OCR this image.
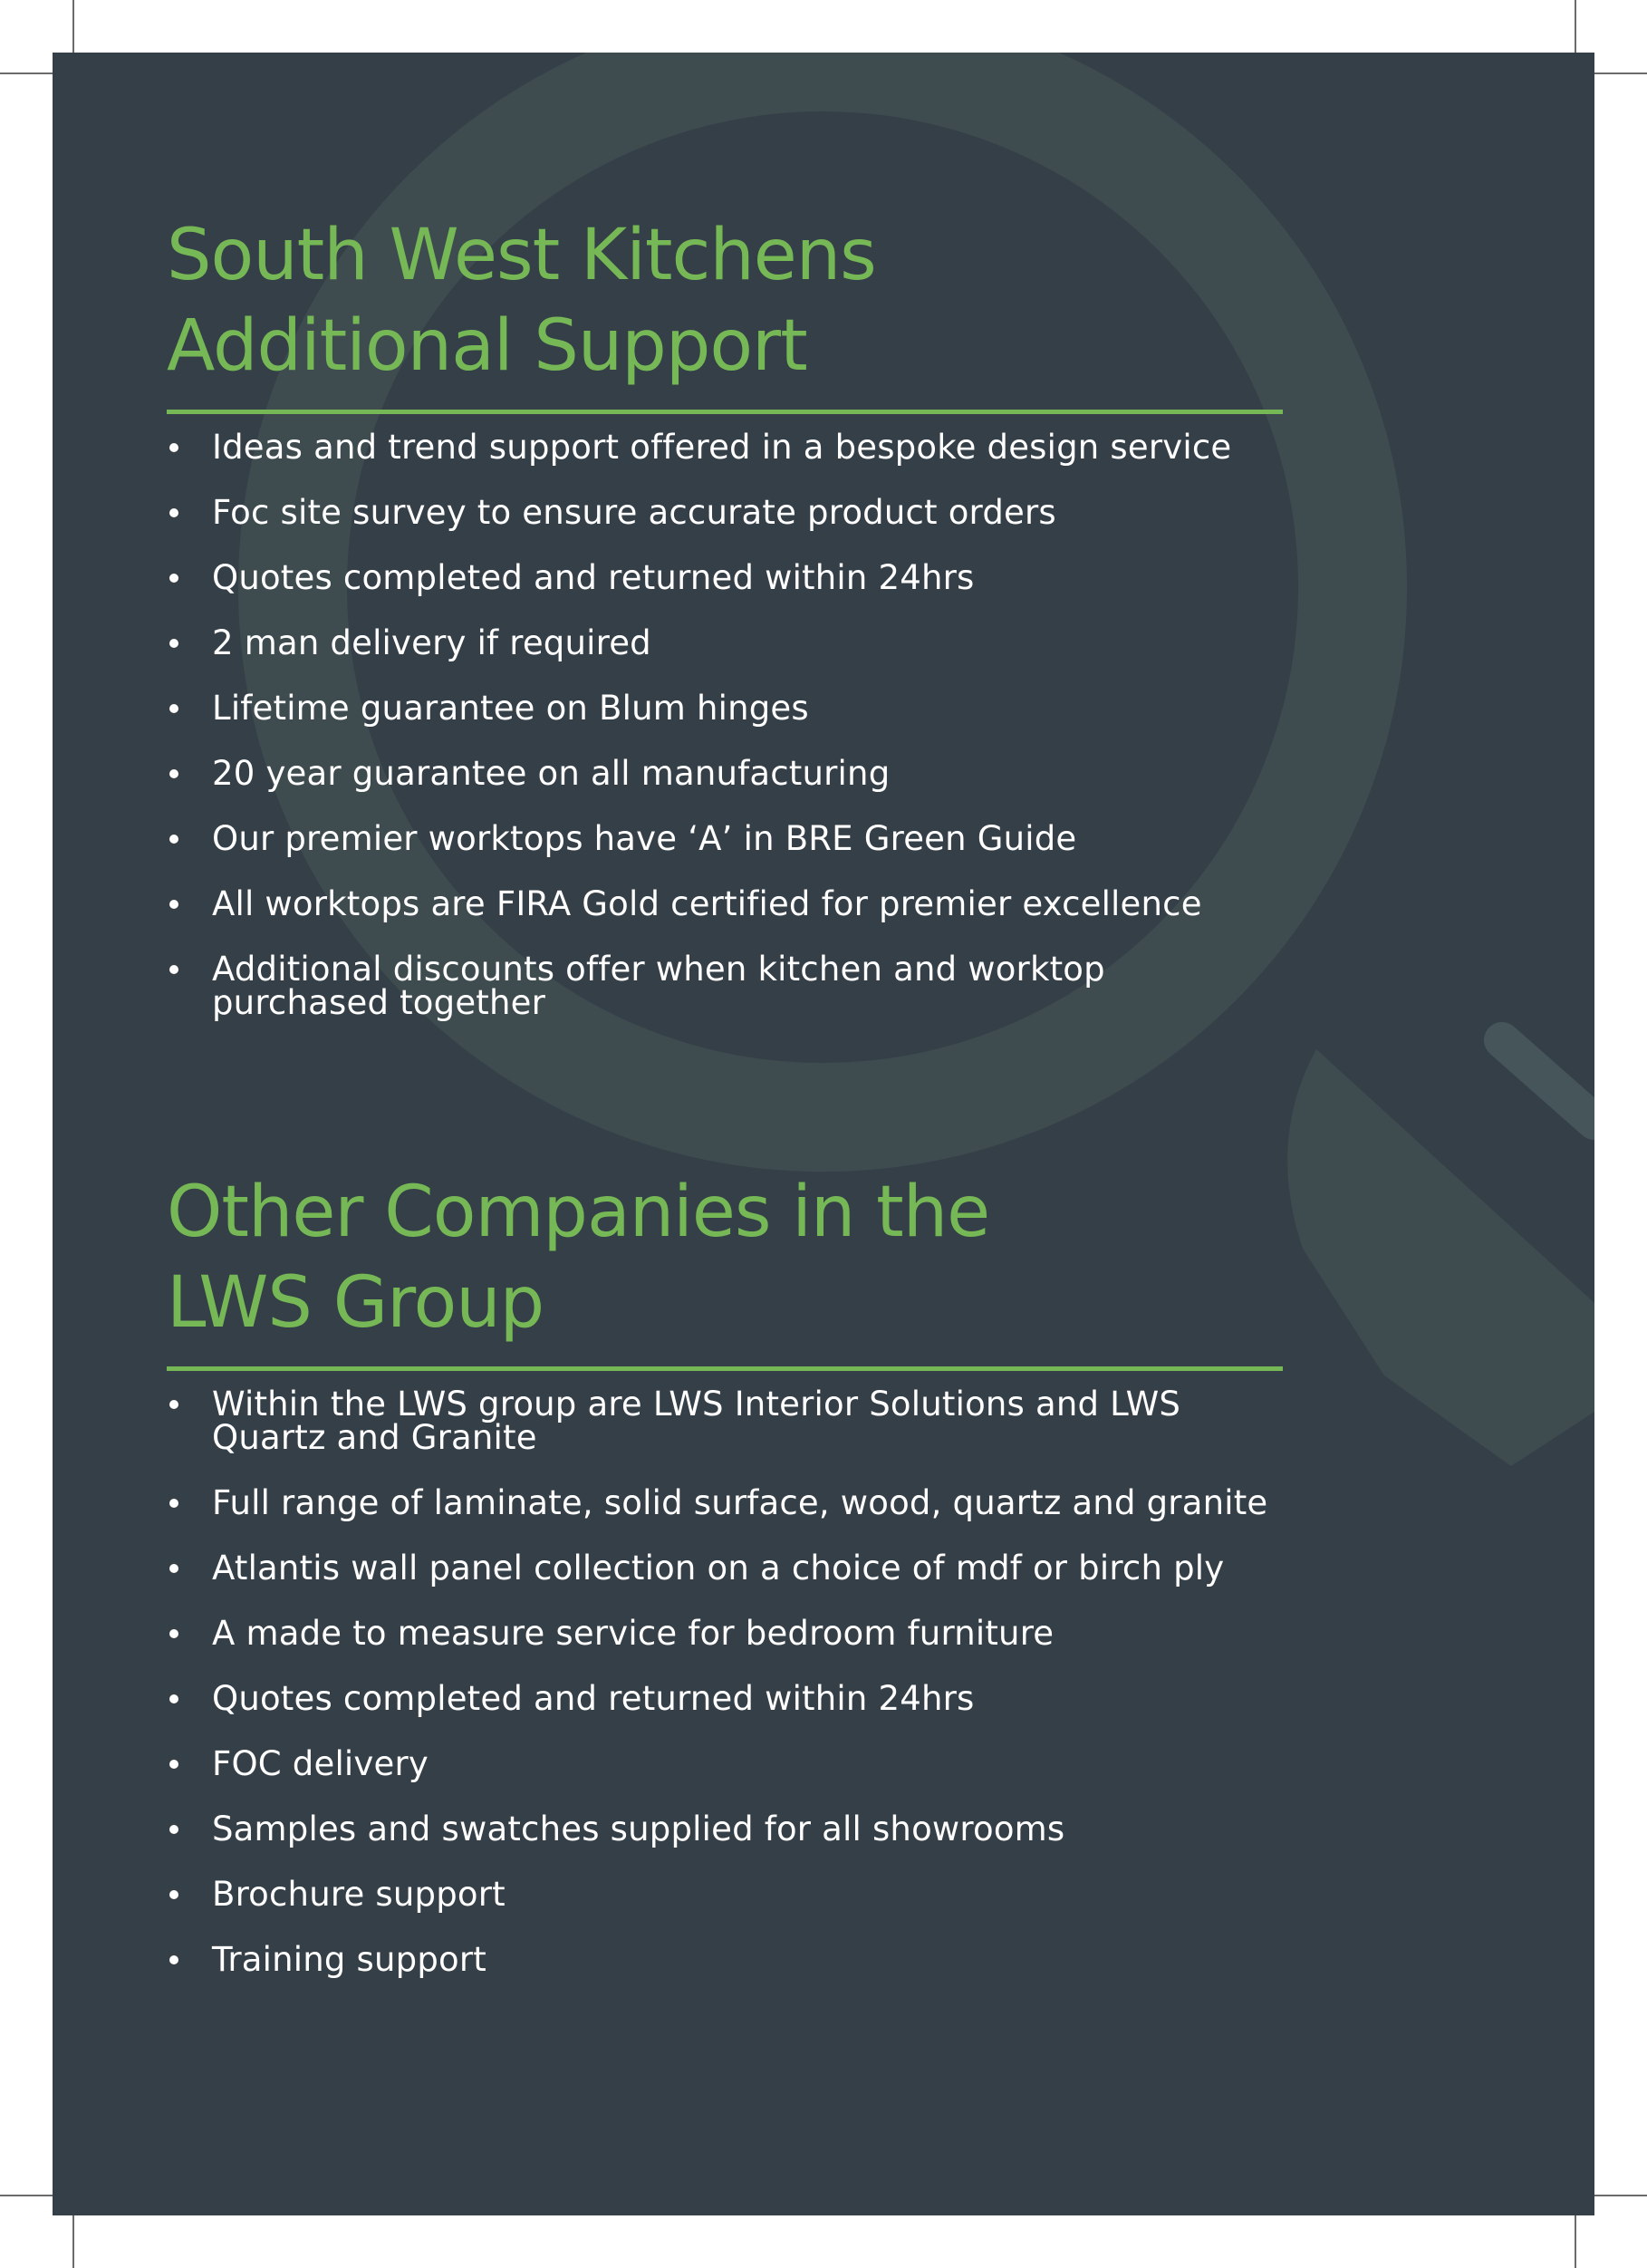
South West Kitchens
Additional Support
Ideas and trend support offered in a bespoke design service
Foc site survey to ensure accurate product orders
Quotes completed and returned within 24hrs
2 man delivery if required
Lifetime guarantee on Blum hinges
20 year guarantee on all manufacturing
Our premier worktops have ‘A’ in BRE Green Guide
All worktops are FIRA Gold certified for premier excellence
Additional discounts offer when kitchen and worktop purchased together
Other Companies in the
LWS Group
Within the LWS group are LWS Interior Solutions and LWS Quartz and Granite
Full range of laminate, solid surface, wood, quartz and granite
Atlantis wall panel collection on a choice of mdf or birch ply
A made to measure service for bedroom furniture
Quotes completed and returned within 24hrs
FOC delivery
Samples and swatches supplied for all showrooms
Brochure support
Training support
